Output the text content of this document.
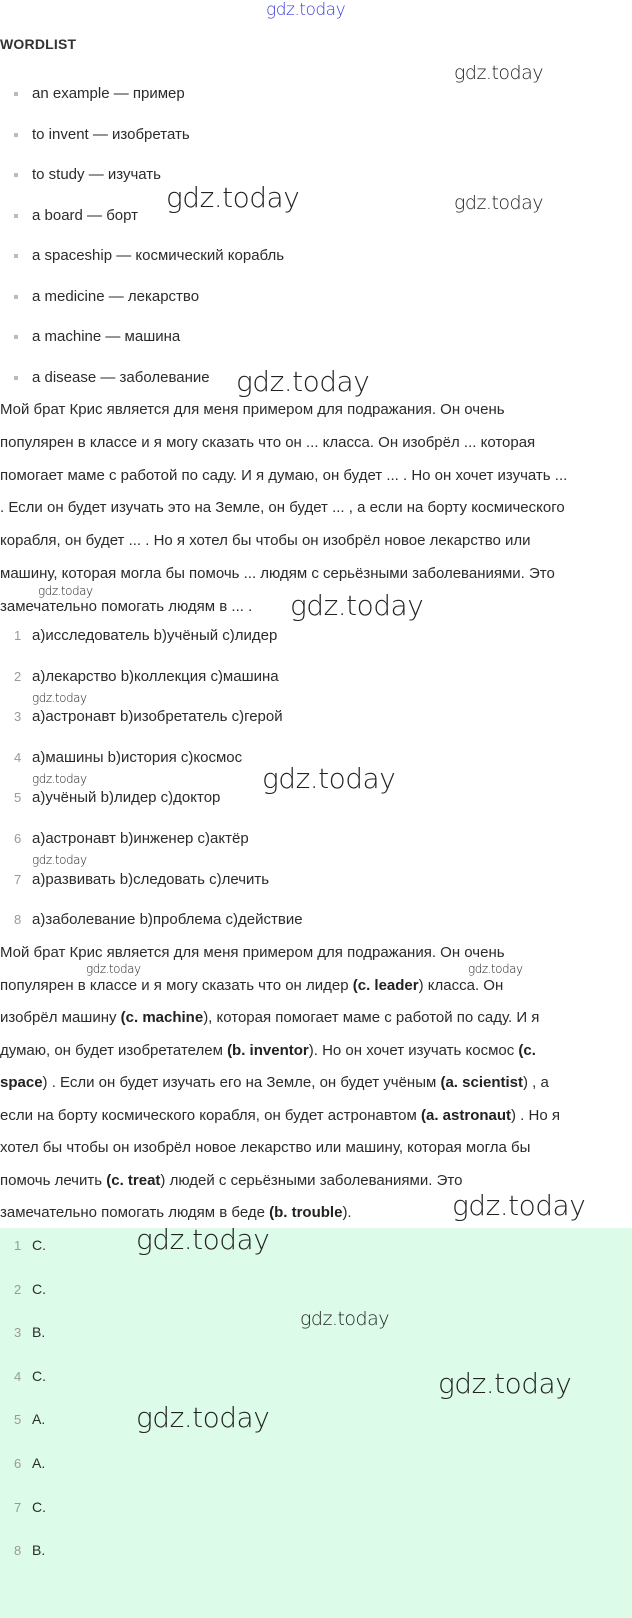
WORDLIST
an example — пример
to invent — изобретать
to study — изучать
a board — борт
a spaceship — космический корабль
a medicine — лекарство
a machine — машина
a disease — заболевание
Мой брат Крис является для меня примером для подражания. Он очень
популярен в классе и я могу сказать что он ... класса. Он изобрёл ... которая
помогает маме с работой по саду. И я думаю, он будет ... . Но он хочет изучать ...
. Если он будет изучать это на Земле, он будет ... , а если на борту космического
корабля, он будет ... . Но я хотел бы чтобы он изобрёл новое лекарство или
машину, которая могла бы помочь ... людям с серьёзными заболеваниями. Это
замечательно помогать людям в ... .
1 a)исследователь b)учёный c)лидер
2 a)лекарство b)коллекция c)машина
3 a)астронавт b)изобретатель c)герой
4 a)машины b)история c)космос
5 a)учёный b)лидер c)доктор
6 a)астронавт b)инженер c)актёр
7 a)развивать b)следовать c)лечить
8 a)заболевание b)проблема c)действие
Мой брат Крис является для меня примером для подражания. Он очень
популярен в классе и я могу сказать что он лидер (c. leader) класса. Он
изобрёл машину (c. machine), которая помогает маме с работой по саду. И я
думаю, он будет изобретателем (b. inventor). Но он хочет изучать космос (c.
space) . Если он будет изучать его на Земле, он будет учёным (a. scientist) , а
если на борту космического корабля, он будет астронавтом (a. astronaut) . Но я
хотел бы чтобы он изобрёл новое лекарство или машину, которая могла бы
помочь лечить (c. treat) людей с серьёзными заболеваниями. Это
замечательно помогать людям в беде (b. trouble).
1 C.
2 C.
3 B.
4 C.
5 A.
6 A.
7 C.
8 B.
gdz.today
gdz.today
gdz.today	gdz.today
gdz.today
gdz.today	gdz.today
gdz.today
gdz.today	gdz.today
gdz.today
gdz.today	gdz.today
gdz.today
gdz.today
gdz.today
gdz.today
gdz.today
